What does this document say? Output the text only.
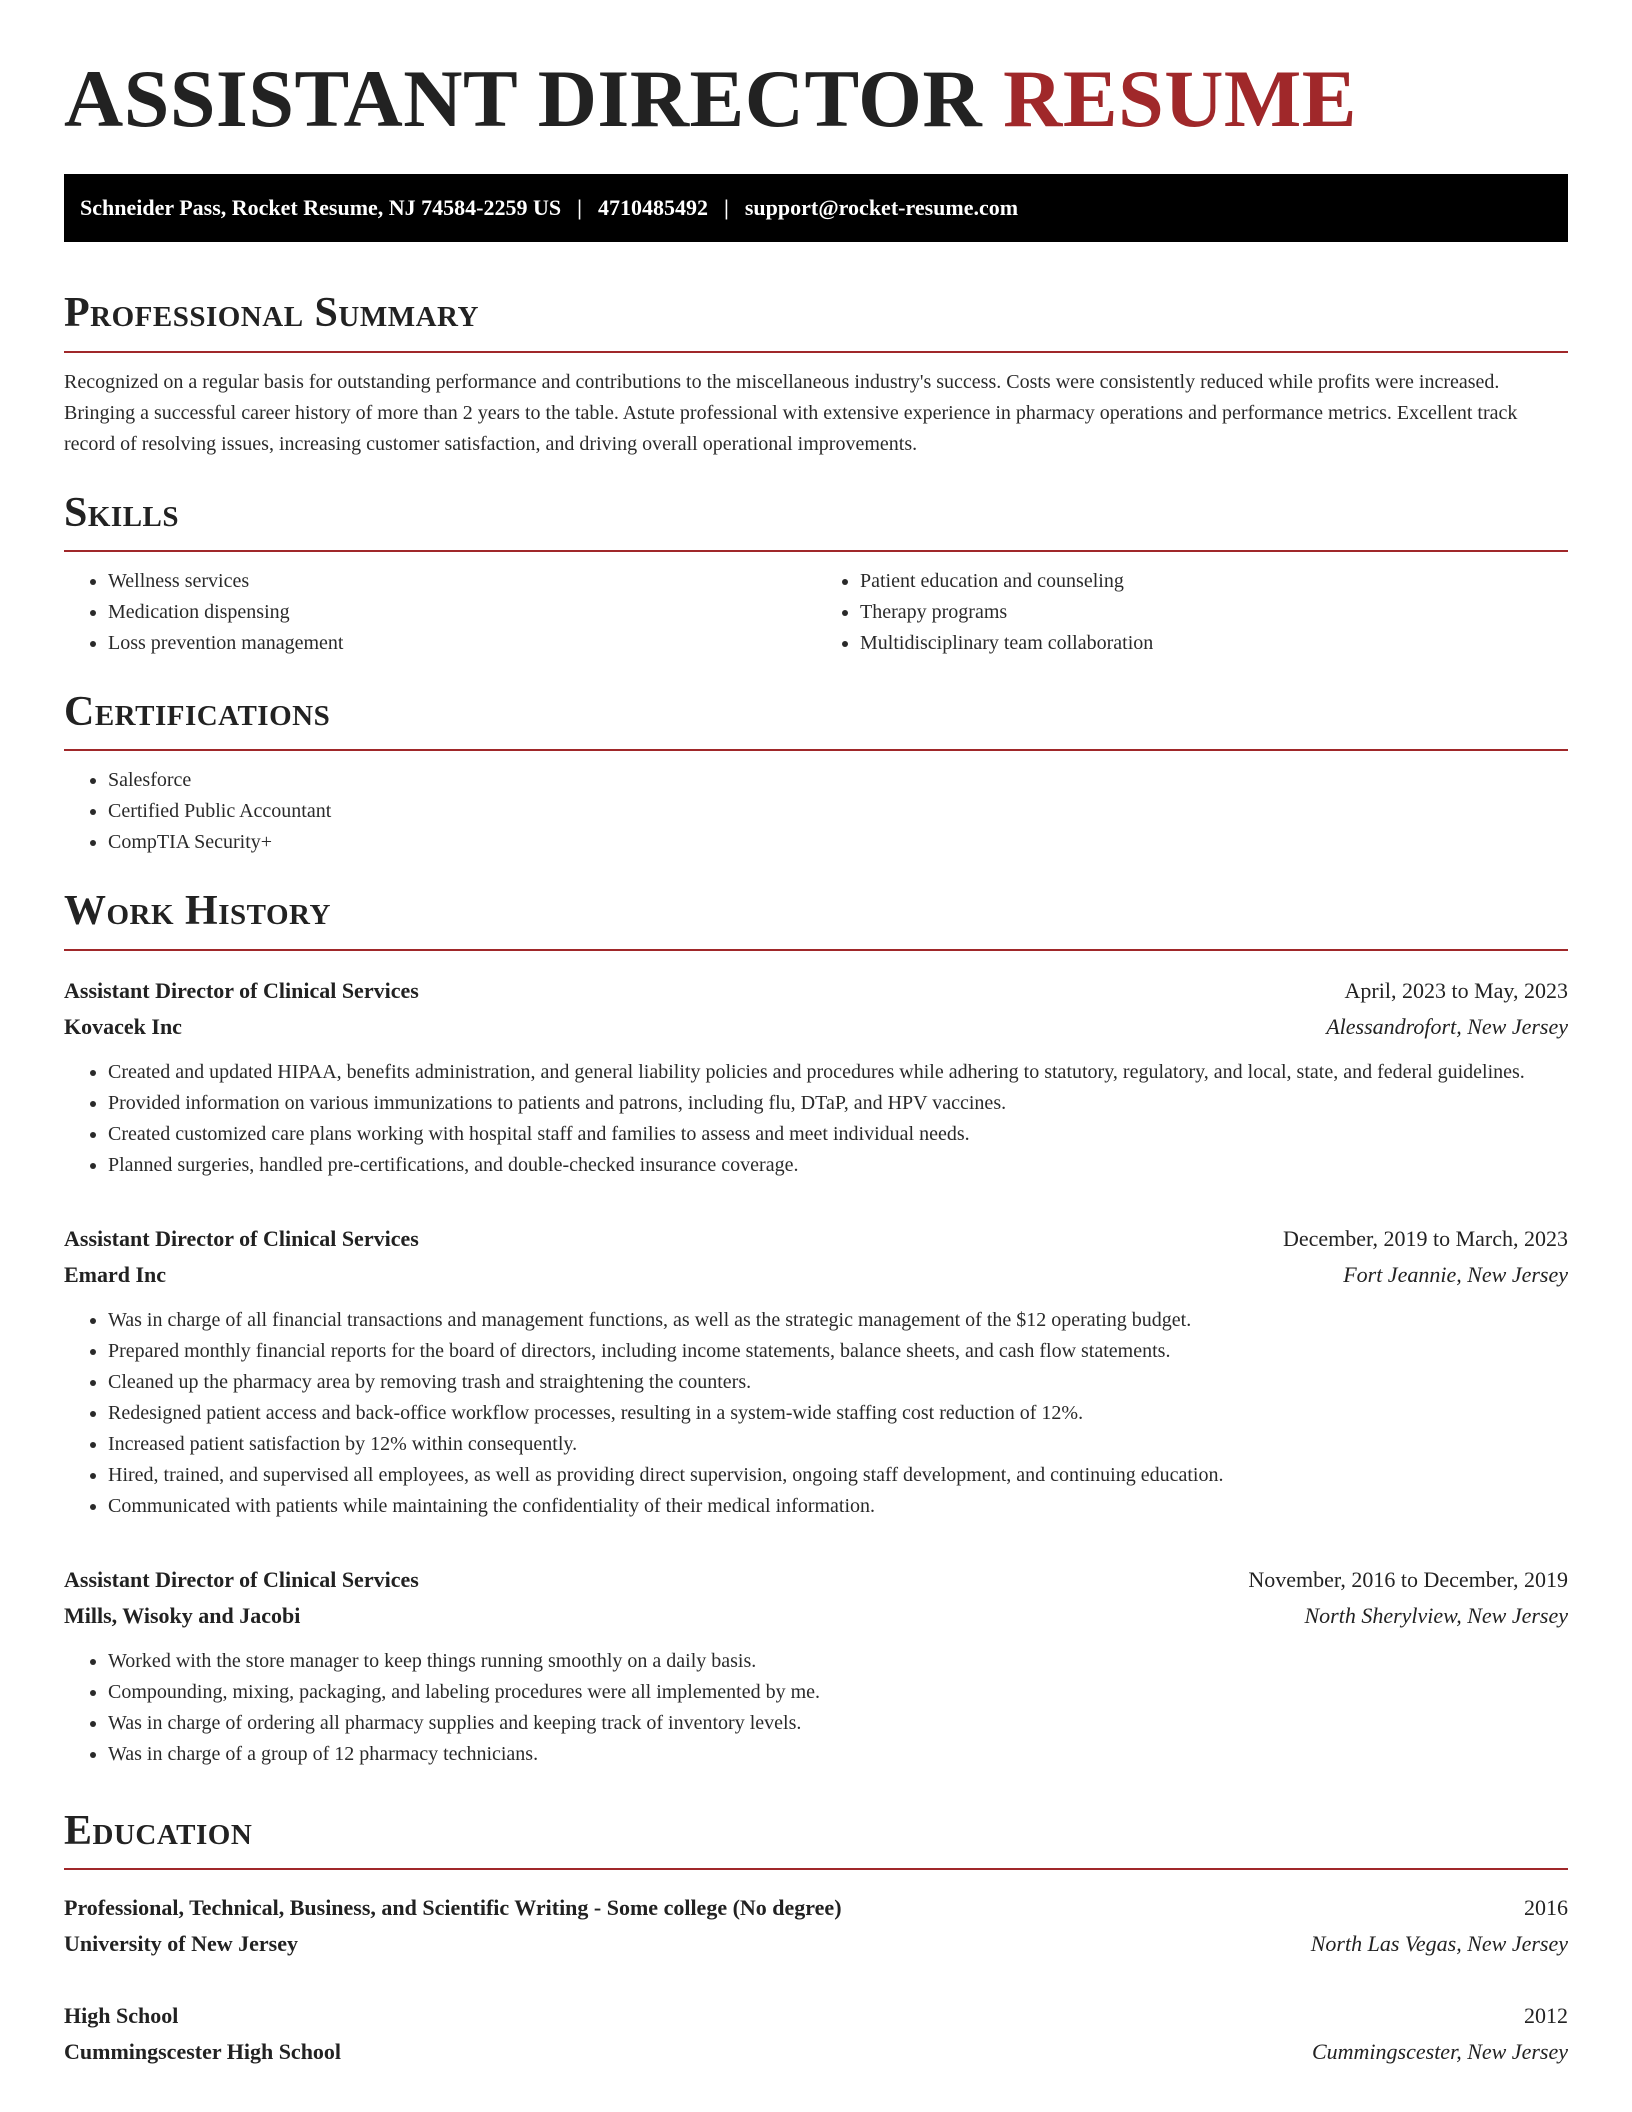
ASSISTANT DIRECTOR RESUME
Schneider Pass, Rocket Resume, NJ 74584-2259 US | 4710485492 | support@rocket-resume.com
Professional Summary

Recognized on a regular basis for outstanding performance and contributions to the miscellaneous industry's success. Costs were consistently reduced while profits were increased. Bringing a successful career history of more than 2 years to the table. Astute professional with extensive experience in pharmacy operations and performance metrics. Excellent track record of resolving issues, increasing customer satisfaction, and driving overall operational improvements.

Skills
• Wellness services
• Medication dispensing
• Loss prevention management
• Patient education and counseling
• Therapy programs
• Multidisciplinary team collaboration
Certifications
• Salesforce
• Certified Public Accountant
• CompTIA Security+
Work History
Assistant Director of Clinical Services	April, 2023 to May, 2023
Kovacek Inc	Alessandrofort, New Jersey
• Created and updated HIPAA, benefits administration, and general liability policies and procedures while adhering to statutory, regulatory, and local, state, and federal guidelines.
• Provided information on various immunizations to patients and patrons, including flu, DTaP, and HPV vaccines.
• Created customized care plans working with hospital staff and families to assess and meet individual needs.
• Planned surgeries, handled pre-certifications, and double-checked insurance coverage.
Assistant Director of Clinical Services	December, 2019 to March, 2023
Emard Inc	Fort Jeannie, New Jersey
• Was in charge of all financial transactions and management functions, as well as the strategic management of the $12 operating budget.
• Prepared monthly financial reports for the board of directors, including income statements, balance sheets, and cash flow statements.
• Cleaned up the pharmacy area by removing trash and straightening the counters.
• Redesigned patient access and back-office workflow processes, resulting in a system-wide staffing cost reduction of 12%.
• Increased patient satisfaction by 12% within consequently.
• Hired, trained, and supervised all employees, as well as providing direct supervision, ongoing staff development, and continuing education.
• Communicated with patients while maintaining the confidentiality of their medical information.
Assistant Director of Clinical Services	November, 2016 to December, 2019
Mills, Wisoky and Jacobi	North Sherylview, New Jersey
• Worked with the store manager to keep things running smoothly on a daily basis.
• Compounding, mixing, packaging, and labeling procedures were all implemented by me.
• Was in charge of ordering all pharmacy supplies and keeping track of inventory levels.
• Was in charge of a group of 12 pharmacy technicians.
Education
Professional, Technical, Business, and Scientific Writing - Some college (No degree)	2016
University of New Jersey	North Las Vegas, New Jersey
High School	2012
Cummingscester High School	Cummingscester, New Jersey
